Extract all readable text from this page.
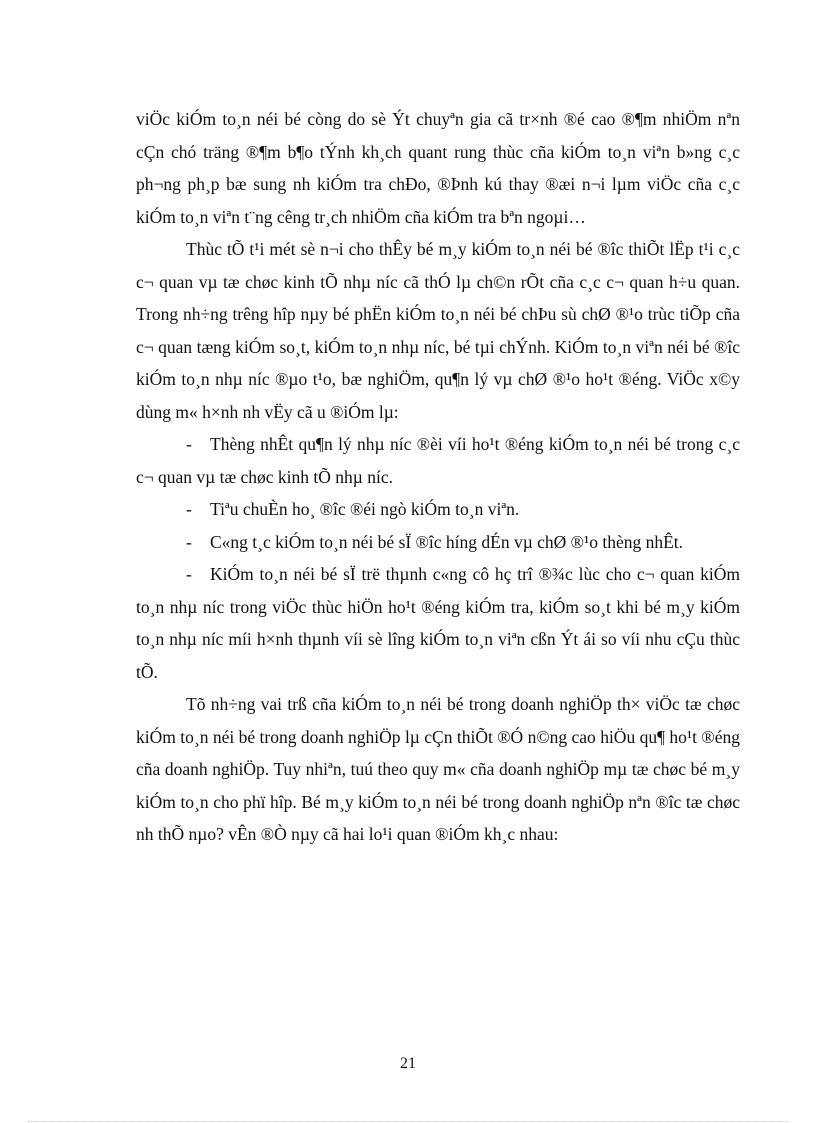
viÖc kiÓm to¸n néi bé còng do sè Ýt chuyªn gia cã tr×nh ®é cao ®¶m nhiÖm nªn cÇn chó träng ®¶m b¶o tÝnh kh¸ch quant rung thùc cña kiÓm to¸n viªn b»ng c¸c ph¬ng ph¸p bæ sung nh kiÓm tra chÐo, ®Þnh kú thay ®æi n¬i lµm viÖc cña c¸c kiÓm to¸n viªn t¨ng cêng tr¸ch nhiÖm cña kiÓm tra bªn ngoµi…

Thùc tÕ t¹i mét sè n¬i cho thÊy bé m¸y kiÓm to¸n néi bé ®îc thiÕt lËp t¹i c¸c c¬ quan vµ tæ chøc kinh tÕ nhµ níc cã thÓ lµ ch©n rÕt cña c¸c c¬ quan h÷u quan. Trong nh÷ng trêng hîp nµy bé phËn kiÓm to¸n néi bé chÞu sù chØ ®¹o trùc tiÕp cña c¬ quan tæng kiÓm so¸t, kiÓm to¸n nhµ níc, bé tµi chÝnh. KiÓm to¸n viªn néi bé ®îc kiÓm to¸n nhµ níc ®µo t¹o, bæ nghiÖm, qu¶n lý vµ chØ ®¹o ho¹t ®éng. ViÖc x©y dùng m« h×nh nh vËy cã u ®iÓm lµ:

- Thèng nhÊt qu¶n lý nhµ níc ®èi víi ho¹t ®éng kiÓm to¸n néi bé trong c¸c c¬ quan vµ tæ chøc kinh tÕ nhµ níc.

- Tiªu chuÈn ho¸ ®îc ®éi ngò kiÓm to¸n viªn.

- C«ng t¸c kiÓm to¸n néi bé sÏ ®îc híng dÉn vµ chØ ®¹o thèng nhÊt.

- KiÓm to¸n néi bé sÏ trë thµnh c«ng cô hç trî ®¾c lùc cho c¬ quan kiÓm to¸n nhµ níc trong viÖc thùc hiÖn ho¹t ®éng kiÓm tra, kiÓm so¸t khi bé m¸y kiÓm to¸n nhµ níc míi h×nh thµnh víi sè lîng kiÓm to¸n viªn cßn Ýt ái so víi nhu cÇu thùc tÕ.

Tõ nh÷ng vai trß cña kiÓm to¸n néi bé trong doanh nghiÖp th× viÖc tæ chøc kiÓm to¸n néi bé trong doanh nghiÖp lµ cÇn thiÕt ®Ó n©ng cao hiÖu qu¶ ho¹t ®éng cña doanh nghiÖp. Tuy nhiªn, tuú theo quy m« cña doanh nghiÖp mµ tæ chøc bé m¸y kiÓm to¸n cho phï hîp. Bé m¸y kiÓm to¸n néi bé trong doanh nghiÖp nªn ®îc tæ chøc nh thÕ nµo? vÊn ®Ò nµy cã hai lo¹i quan ®iÓm kh¸c nhau:

21
